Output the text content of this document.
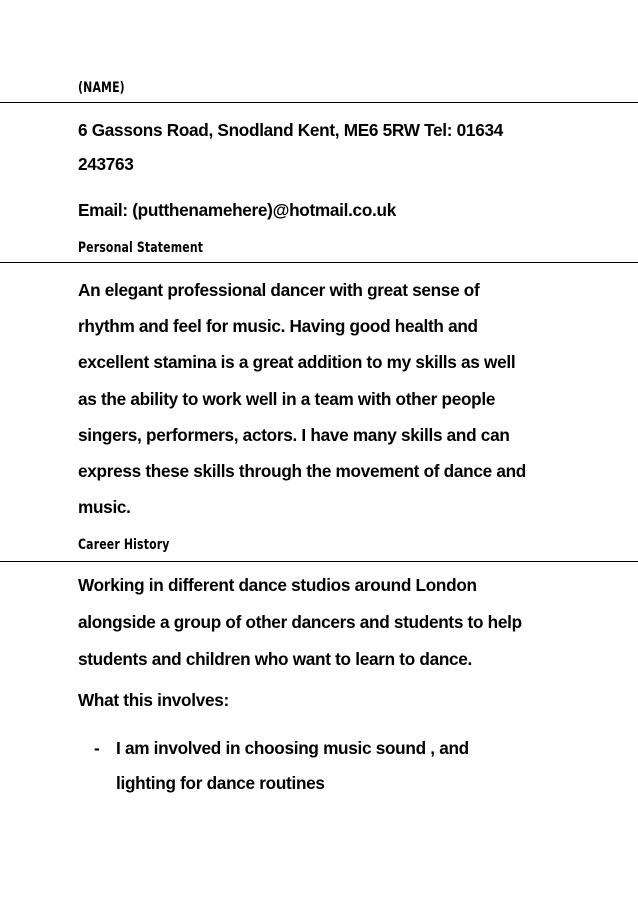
(NAME)
6 Gassons Road, Snodland Kent, ME6 5RW Tel: 01634
243763
Email: (putthenamehere)@hotmail.co.uk
Personal Statement
An elegant professional dancer with great sense of
rhythm and feel for music. Having good health and
excellent stamina is a great addition to my skills as well
as the ability to work well in a team with other people
singers, performers, actors. I have many skills and can
express these skills through the movement of dance and
music.
Career History
Working in different dance studios around London
alongside a group of other dancers and students to help
students and children who want to learn to dance.
What this involves:
- I am involved in choosing music sound , and
lighting for dance routines
